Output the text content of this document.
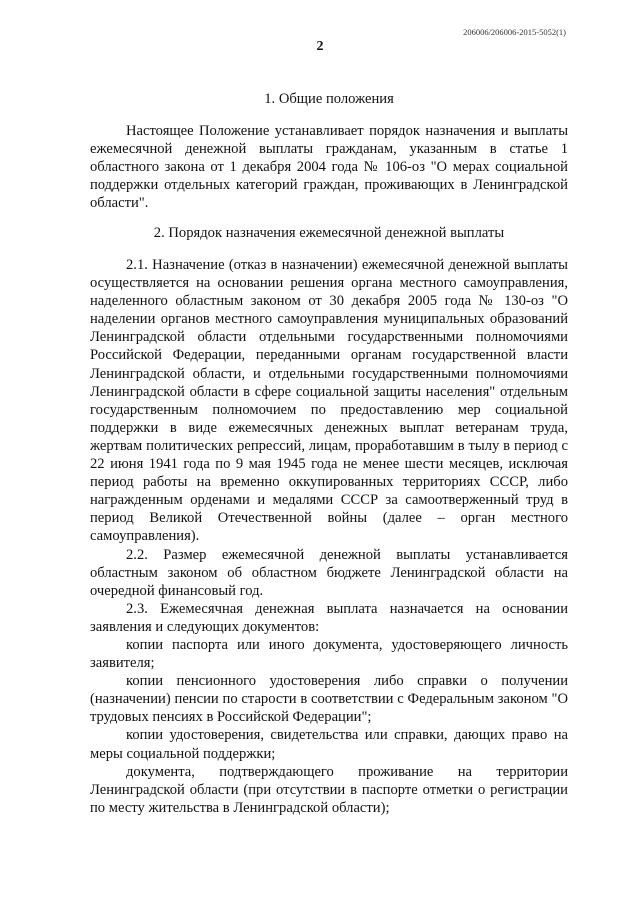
206006/206006-2015-5052(1)
2
1. Общие положения

Настоящее Положение устанавливает порядок назначения и выплаты ежемесячной денежной выплаты гражданам, указанным в статье 1 областного закона от 1 декабря 2004 года № 106-оз "О мерах социальной поддержки отдельных категорий граждан, проживающих в Ленинградской области".

2. Порядок назначения ежемесячной денежной выплаты

2.1. Назначение (отказ в назначении) ежемесячной денежной выплаты осуществляется на основании решения органа местного самоуправления, наделенного областным законом от 30 декабря 2005 года № 130-оз "О наделении органов местного самоуправления муниципальных образований Ленинградской области отдельными государственными полномочиями Российской Федерации, переданными органам государственной власти Ленинградской области, и отдельными государственными полномочиями Ленинградской области в сфере социальной защиты населения" отдельным государственным полномочием по предоставлению мер социальной поддержки в виде ежемесячных денежных выплат ветеранам труда, жертвам политических репрессий, лицам, проработавшим в тылу в период с 22 июня 1941 года по 9 мая 1945 года не менее шести месяцев, исключая период работы на временно оккупированных территориях СССР, либо награжденным орденами и медалями СССР за самоотверженный труд в период Великой Отечественной войны (далее – орган местного самоуправления).

2.2. Размер ежемесячной денежной выплаты устанавливается областным законом об областном бюджете Ленинградской области на очередной финансовый год.

2.3. Ежемесячная денежная выплата назначается на основании заявления и следующих документов:

копии паспорта или иного документа, удостоверяющего личность заявителя;

копии пенсионного удостоверения либо справки о получении (назначении) пенсии по старости в соответствии с Федеральным законом "О трудовых пенсиях в Российской Федерации";

копии удостоверения, свидетельства или справки, дающих право на меры социальной поддержки;

документа, подтверждающего проживание на территории Ленинградской области (при отсутствии в паспорте отметки о регистрации по месту жительства в Ленинградской области);
